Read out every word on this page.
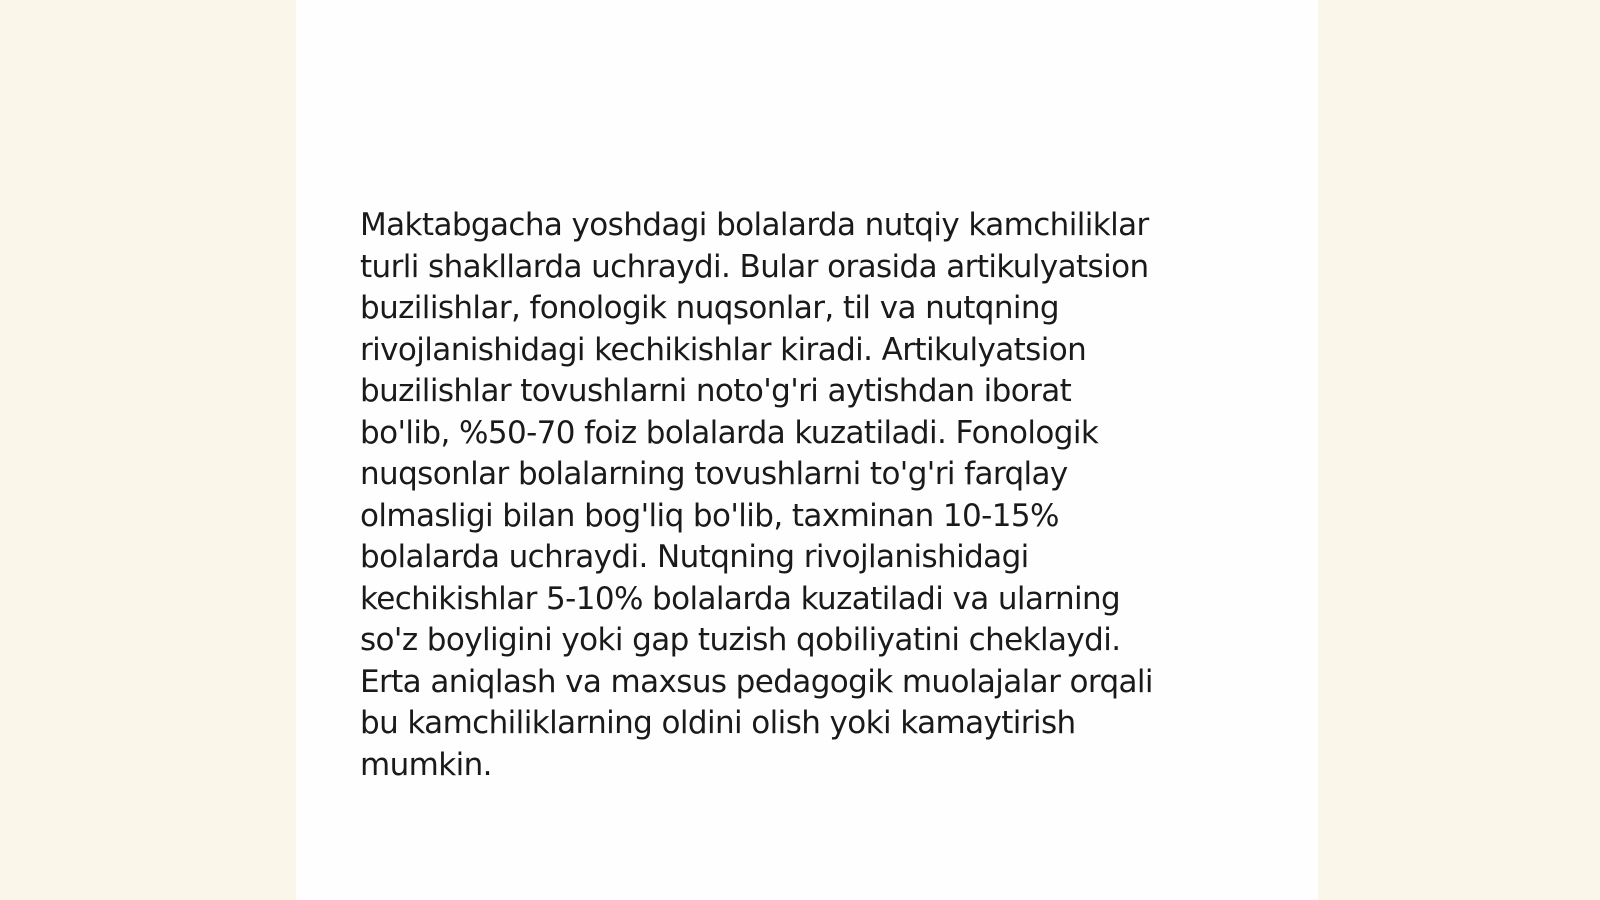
Maktabgacha yoshdagi bolalarda nutqiy kamchiliklar
turli shakllarda uchraydi. Bular orasida artikulyatsion
buzilishlar, fonologik nuqsonlar, til va nutqning
rivojlanishidagi kechikishlar kiradi. Artikulyatsion
buzilishlar tovushlarni noto'g'ri aytishdan iborat
bo'lib, %50-70 foiz bolalarda kuzatiladi. Fonologik
nuqsonlar bolalarning tovushlarni to'g'ri farqlay
olmasligi bilan bog'liq bo'lib, taxminan 10-15%
bolalarda uchraydi. Nutqning rivojlanishidagi
kechikishlar 5-10% bolalarda kuzatiladi va ularning
so'z boyligini yoki gap tuzish qobiliyatini cheklaydi.
Erta aniqlash va maxsus pedagogik muolajalar orqali
bu kamchiliklarning oldini olish yoki kamaytirish
mumkin.
